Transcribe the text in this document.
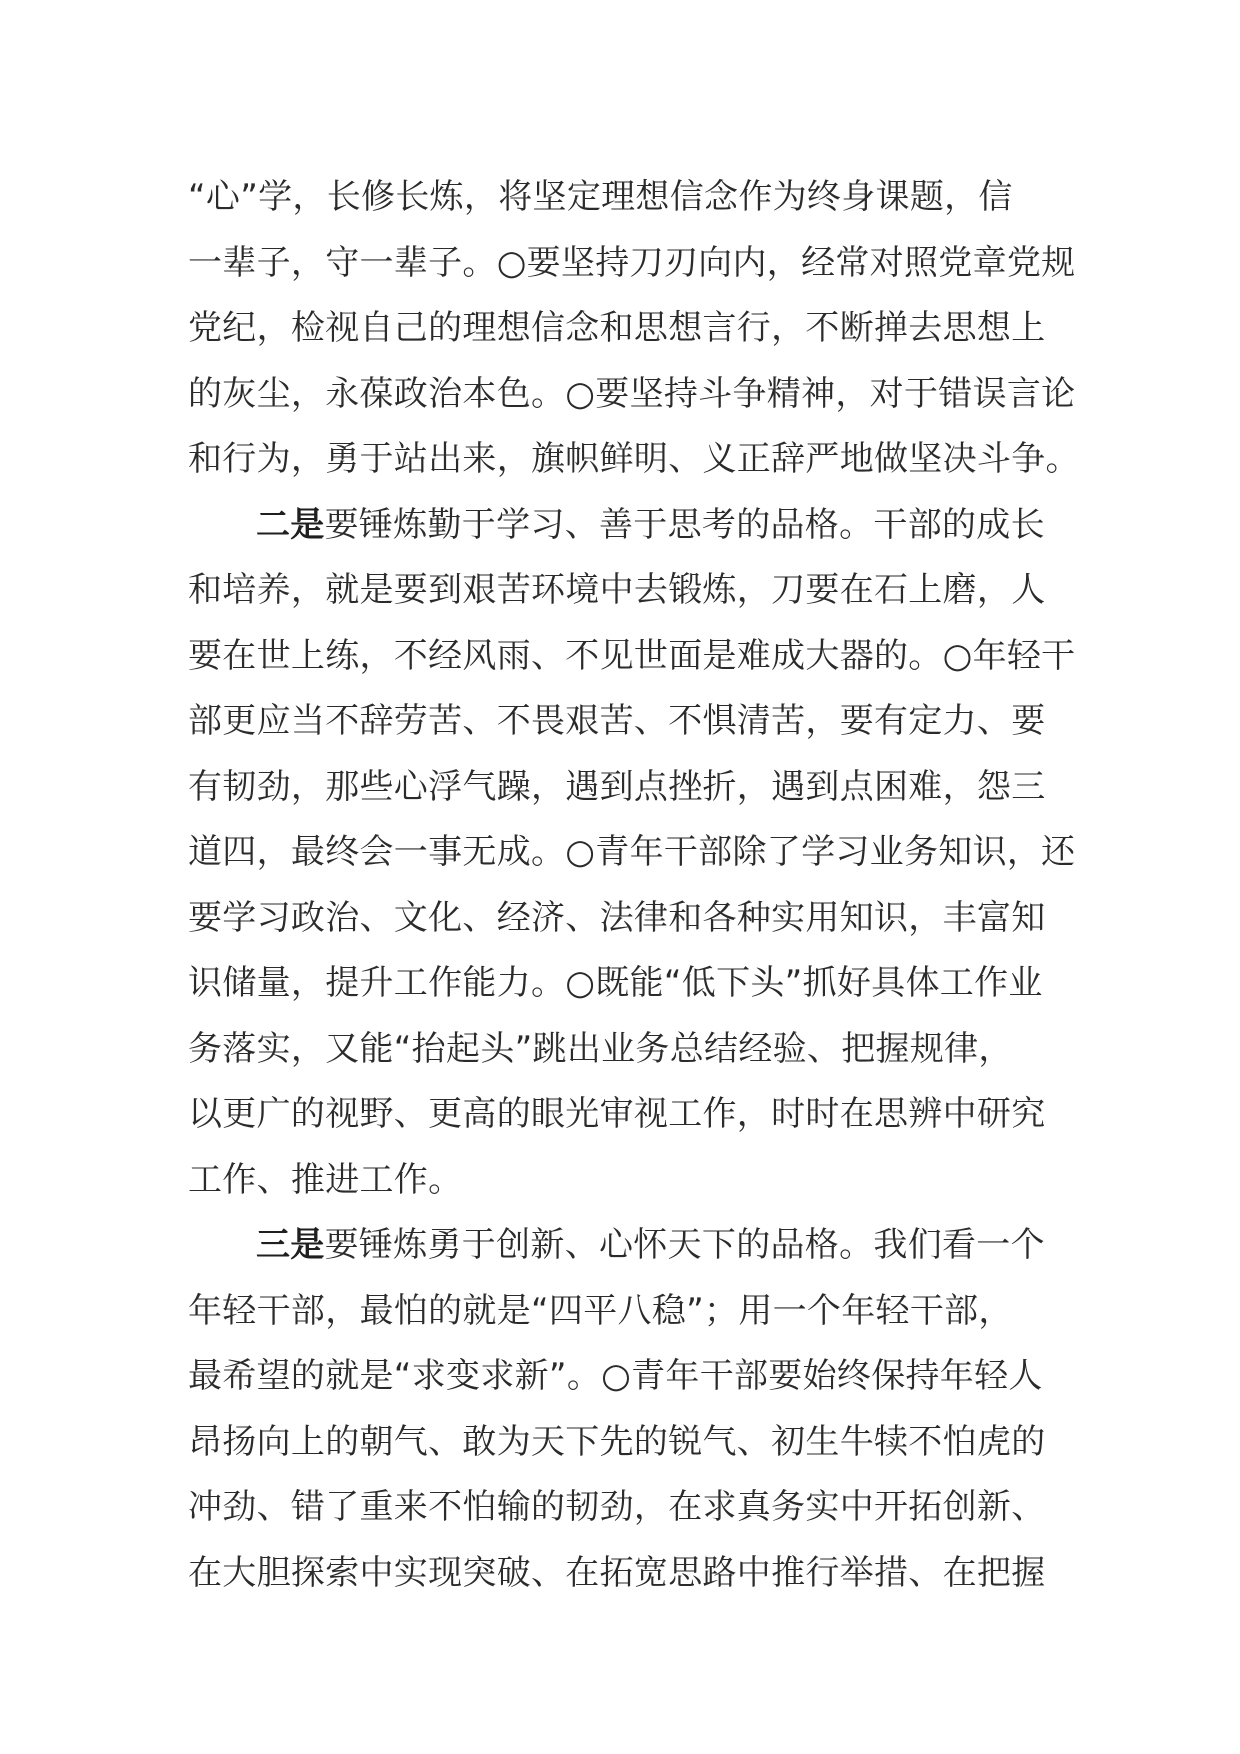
“心”学，长修长炼，将坚定理想信念作为终身课题，信
一辈子，守一辈子。○要坚持刀刃向内，经常对照党章党规
党纪，检视自己的理想信念和思想言行，不断掸去思想上
的灰尘，永葆政治本色。○要坚持斗争精神，对于错误言论
和行为，勇于站出来，旗帜鲜明、义正辞严地做坚决斗争。
二是要锤炼勤于学习、善于思考的品格。干部的成长
和培养，就是要到艰苦环境中去锻炼，刀要在石上磨，人
要在世上练，不经风雨、不见世面是难成大器的。○年轻干
部更应当不辞劳苦、不畏艰苦、不惧清苦，要有定力、要
有韧劲，那些心浮气躁，遇到点挫折，遇到点困难，怨三
道四，最终会一事无成。○青年干部除了学习业务知识，还
要学习政治、文化、经济、法律和各种实用知识，丰富知
识储量，提升工作能力。○既能“低下头”抓好具体工作业
务落实，又能“抬起头”跳出业务总结经验、把握规律，
以更广的视野、更高的眼光审视工作，时时在思辨中研究
工作、推进工作。
三是要锤炼勇于创新、心怀天下的品格。我们看一个
年轻干部，最怕的就是“四平八稳”；用一个年轻干部，
最希望的就是“求变求新”。○青年干部要始终保持年轻人
昂扬向上的朝气、敢为天下先的锐气、初生牛犊不怕虎的
冲劲、错了重来不怕输的韧劲，在求真务实中开拓创新、
在大胆探索中实现突破、在拓宽思路中推行举措、在把握
